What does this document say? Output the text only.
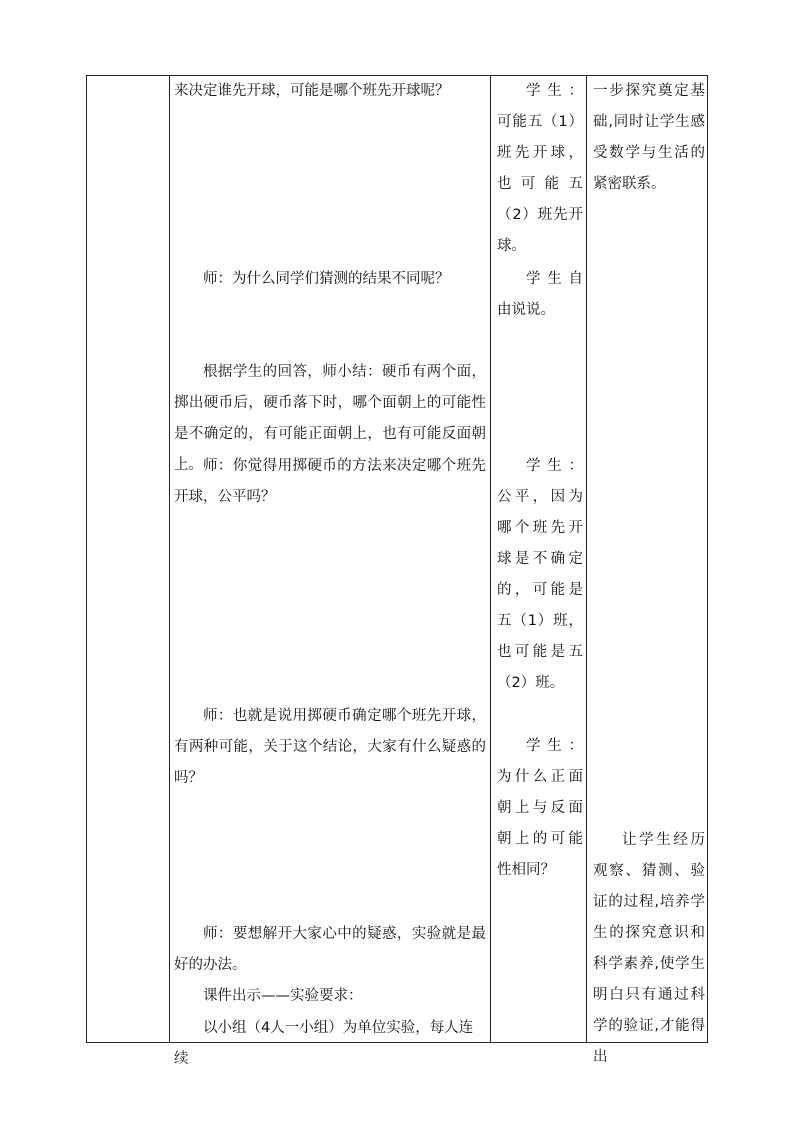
来决定谁先开球，可能是哪个班先开球呢？

师：为什么同学们猜测的结果不同呢？

根据学生的回答，师小结：硬币有两个面，掷出硬币后，硬币落下时，哪个面朝上的可能性是不确定的，有可能正面朝上，也有可能反面朝上。 师：你觉得用掷硬币的方法来决定哪个班先开球，公平吗？

师：也就是说用掷硬币确定哪个班先开球，有两种可能，关于这个结论，大家有什么疑惑的吗？

师：要想解开大家心中的疑惑，实验就是最好的办法。

课件出示——实验要求：

以小组（4人一小组）为单位实验，每人连续

学生：可能五（1）班先开球，也可能五（2）班先开球。

学生自由说说。

学生：公平，因为哪个班先开球是不确定的，可能是五（1）班，也可能是五（2）班。

学生：为什么正面朝上与反面朝上的可能性相同？

一步探究奠定基础,同时让学生感受数学与生活的紧密联系。

让学生经历观察、猜测、验证的过程,培养学生的探究意识和科学素养,使学生明白只有通过科学的验证,才能得出
